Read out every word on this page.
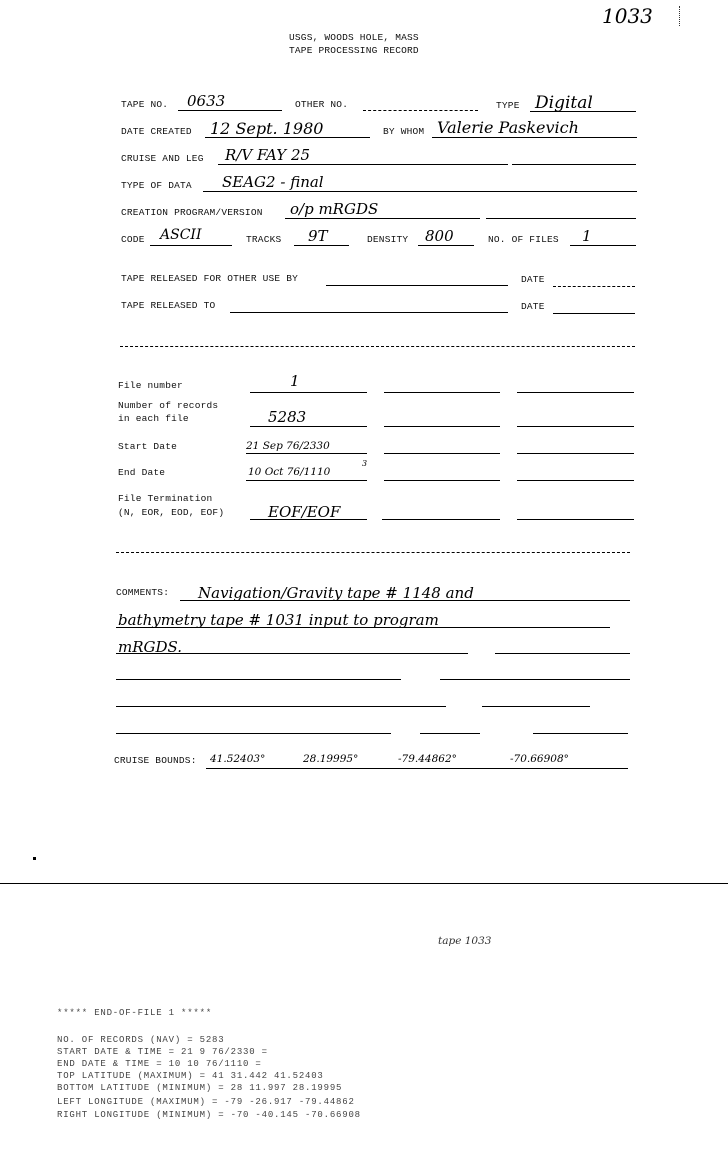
1033
USGS, WOODS HOLE, MASS
TAPE PROCESSING RECORD
TAPE NO. 0633	OTHER NO.	TYPE Digital
DATE CREATED 12 Sept. 1980	BY WHOM Valerie Paskevich
CRUISE AND LEG R/V FAY 25
TYPE OF DATA SEAG2 - final
CREATION PROGRAM/VERSION o/p mRGDS
CODE ASCII	TRACKS 9T	DENSITY 800	NO. OF FILES 1
TAPE RELEASED FOR OTHER USE BY	DATE
TAPE RELEASED TO	DATE
File number	1
Number of records
in each file	5283
Start Date	21 Sep 76/2330
End Date	10 Oct 76/1110
3
File Termination
(N, EOR, EOD, EOF)	EOF/EOF
COMMENTS: Navigation/Gravity tape # 1148 and
bathymetry tape # 1031 input to program
mRGDS.
CRUISE BOUNDS: 41.52403°	28.19995°	-79.44862°	-70.66908°
tape 1033
***** END-OF-FILE 1 *****
NO. OF RECORDS (NAV) = 5283
START DATE & TIME = 21 9 76/2330 =
END DATE & TIME = 10 10 76/1110 =
TOP LATITUDE (MAXIMUM) = 41 31.442 41.52403
BOTTOM LATITUDE (MINIMUM) = 28 11.997 28.19995
LEFT LONGITUDE (MAXIMUM) = -79 -26.917 -79.44862
RIGHT LONGITUDE (MINIMUM) = -70 -40.145 -70.66908
